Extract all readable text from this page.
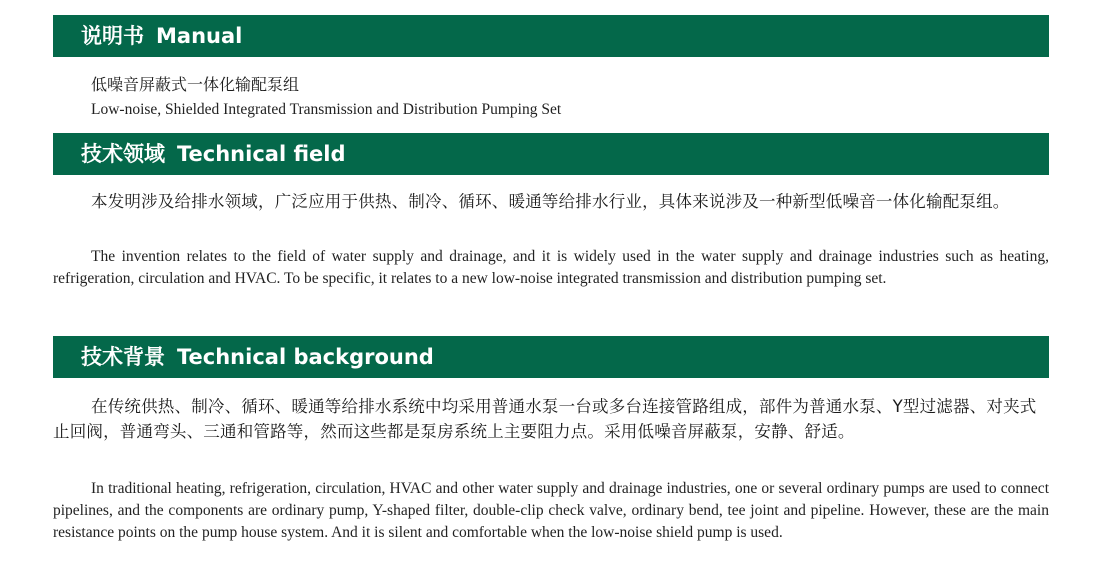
说明书 Manual
低噪音屏蔽式一体化输配泵组
Low-noise, Shielded Integrated Transmission and Distribution Pumping Set
技术领域 Technical field
本发明涉及给排水领域，广泛应用于供热、制冷、循环、暖通等给排水行业，具体来说涉及一种新型低噪音一体化输配泵组。
The invention relates to the field of water supply and drainage, and it is widely used in the water supply and drainage industries such as heating, refrigeration, circulation and HVAC. To be specific, it relates to a new low-noise integrated transmission and distribution pumping set.
技术背景 Technical background
在传统供热、制冷、循环、暖通等给排水系统中均采用普通水泵一台或多台连接管路组成，部件为普通水泵、Y型过滤器、对夹式止回阀，普通弯头、三通和管路等，然而这些都是泵房系统上主要阻力点。采用低噪音屏蔽泵，安静、舒适。
In traditional heating, refrigeration, circulation, HVAC and other water supply and drainage industries, one or several ordinary pumps are used to connect pipelines, and the components are ordinary pump, Y-shaped filter, double-clip check valve, ordinary bend, tee joint and pipeline. However, these are the main resistance points on the pump house system. And it is silent and comfortable when the low-noise shield pump is used.
